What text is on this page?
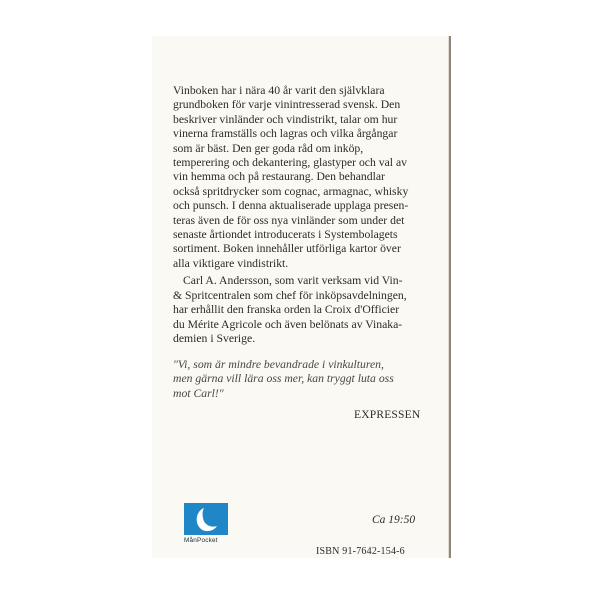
Vinboken har i nära 40 år varit den självklara
grundboken för varje vinintresserad svensk. Den
beskriver vinländer och vindistrikt, talar om hur
vinerna framställs och lagras och vilka årgångar
som är bäst. Den ger goda råd om inköp,
temperering och dekantering, glastyper och val av
vin hemma och på restaurang. Den behandlar
också spritdrycker som cognac, armagnac, whisky
och punsch. I denna aktualiserade upplaga presen-
teras även de för oss nya vinländer som under det
senaste årtiondet introducerats i Systembolagets
sortiment. Boken innehåller utförliga kartor över
alla viktigare vindistrikt.

Carl A. Andersson, som varit verksam vid Vin-
& Spritcentralen som chef för inköpsavdelningen,
har erhållit den franska orden la Croix d'Officier
du Mérite Agricole och även belönats av Vinaka-
demien i Sverige.

"Vi, som är mindre bevandrade i vinkulturen,
men gärna vill lära oss mer, kan tryggt luta oss
mot Carl!"
EXPRESSEN
MånPocket
Ca 19:50
ISBN 91-7642-154-6
